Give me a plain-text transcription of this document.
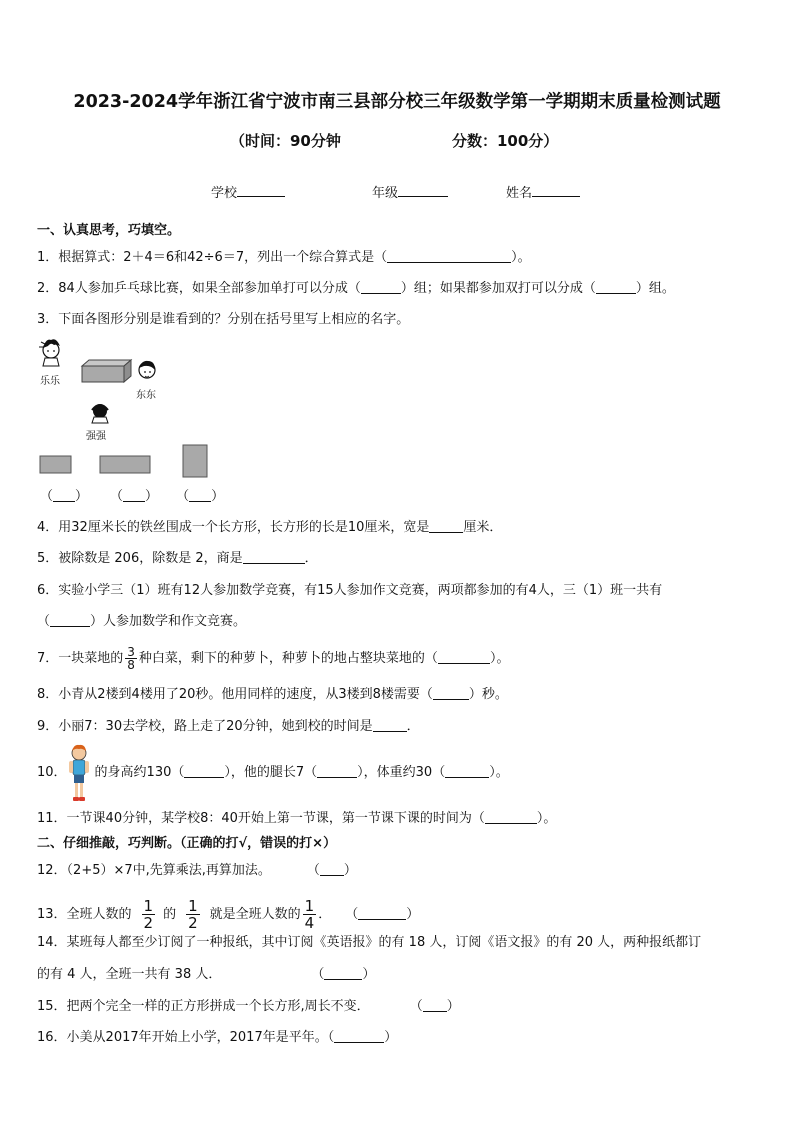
2023-2024学年浙江省宁波市南三县部分校三年级数学第一学期期末质量检测试题
（时间：90分钟	分数：100分）
学校	年级	姓名
一、认真思考，巧填空。
1．根据算式：2＋4＝6和42÷6＝7，列出一个综合算式是（	）。
2．84人参加乒乓球比赛，如果全部参加单打可以分成（	）组；如果都参加双打可以分成（	）组。
3．下面各图形分别是谁看到的？分别在括号里写上相应的名字。
乐乐
东东
强强
（ ） （ ） （ ）
4．用32厘米长的铁丝围成一个长方形，长方形的长是10厘米，宽是	厘米．
5．被除数是 206，除数是 2，商是	．
6．实验小学三（1）班有12人参加数学竞赛，有15人参加作文竞赛，两项都参加的有4人，三（1）班一共有
（	）人参加数学和作文竞赛。
7．一块菜地的 $\frac{3}{8}$ 种白菜，剩下的种萝卜，种萝卜的地占整块菜地的（	）。
8．小青从2楼到4楼用了20秒。他用同样的速度，从3楼到8楼需要（	）秒。
9．小丽7：30去学校，路上走了20分钟，她到校的时间是	．
10． 的身高约130（	），他的腿长7（	），体重约30（	）。
11．一节课40分钟，某学校8：40开始上第一节课，第一节课下课的时间为（	）。
二、仔细推敲，巧判断。（正确的打√，错误的打×）
12．（2+5）×7中,先算乘法,再算加法。	（ ）
13．全班人数的 $\frac{1}{2}$ 的 $\frac{1}{2}$ 就是全班人数的 $\frac{1}{4}$ ． （	）
14．某班每人都至少订阅了一种报纸，其中订阅《英语报》的有 18 人，订阅《语文报》的有 20 人，两种报纸都订
的有 4 人，全班一共有 38 人．	（	）
15．把两个完全一样的正方形拼成一个长方形,周长不变．	（ ）
16．小美从2017年开始上小学，2017年是平年。（	）
